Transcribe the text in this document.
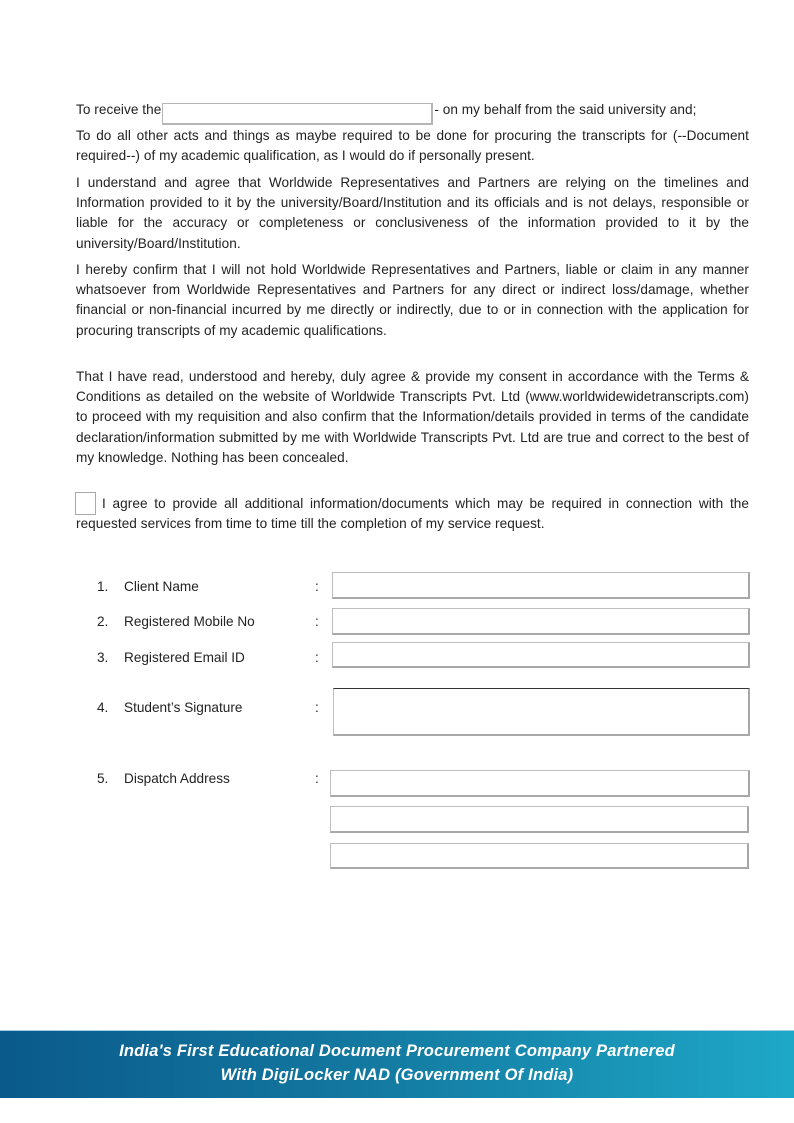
To receive the	- on my behalf from the said university and;
To do all other acts and things as maybe required to be done for procuring the transcripts for (--Document required--) of my academic qualification, as I would do if personally present.
I understand and agree that Worldwide Representatives and Partners are relying on the timelines and Information provided to it by the university/Board/Institution and its officials and is not delays, responsible or liable for the accuracy or completeness or conclusiveness of the information provided to it by the university/Board/Institution.
I hereby confirm that I will not hold Worldwide Representatives and Partners, liable or claim in any manner whatsoever from Worldwide Representatives and Partners for any direct or indirect loss/damage, whether financial or non-financial incurred by me directly or indirectly, due to or in connection with the application for procuring transcripts of my academic qualifications.
That I have read, understood and hereby, duly agree & provide my consent in accordance with the Terms & Conditions as detailed on the website of Worldwide Transcripts Pvt. Ltd (www.worldwidewidetranscripts.com) to proceed with my requisition and also confirm that the Information/details provided in terms of the candidate declaration/information submitted by me with Worldwide Transcripts Pvt. Ltd are true and correct to the best of my knowledge. Nothing has been concealed.
I agree to provide all additional information/documents which may be required in connection with the requested services from time to time till the completion of my service request.
1. Client Name	:
2. Registered Mobile No	:
3. Registered Email ID	:
4. Student’s Signature	:
5. Dispatch Address	:
India's First Educational Document Procurement Company Partnered
With DigiLocker NAD (Government Of India)
